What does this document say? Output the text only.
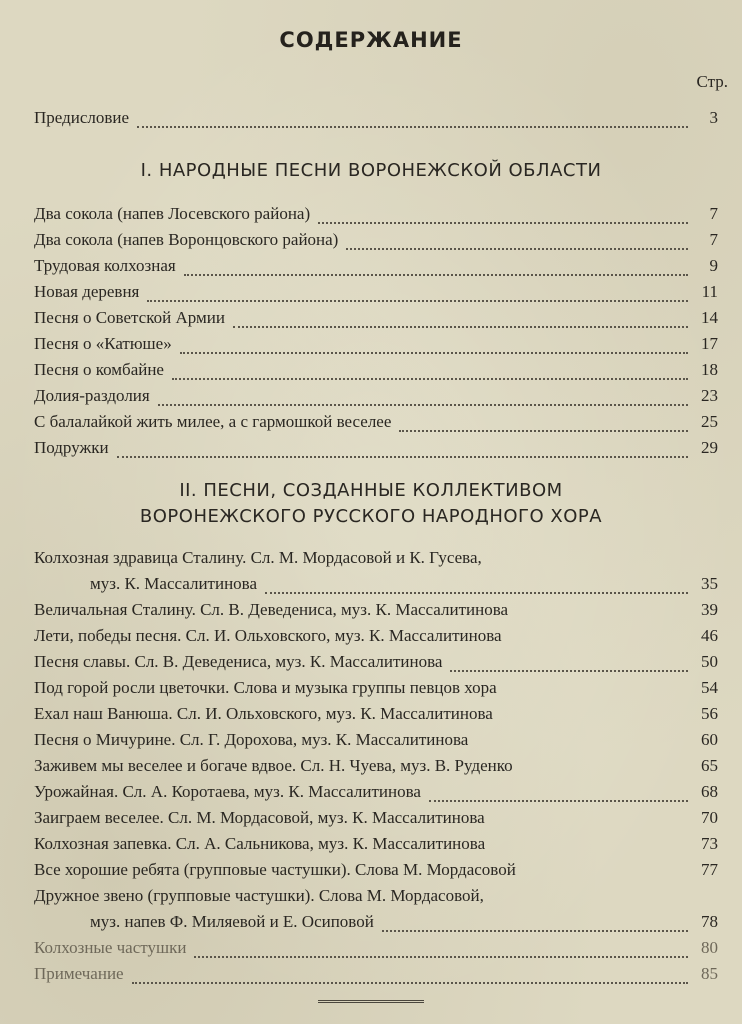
СОДЕРЖАНИЕ
Стр.
Предисловие	3
I. НАРОДНЫЕ ПЕСНИ ВОРОНЕЖСКОЙ ОБЛАСТИ
Два сокола (напев Лосевского района)	7
Два сокола (напев Воронцовского района)	7
Трудовая колхозная	9
Новая деревня	11
Песня о Советской Армии	14
Песня о «Катюше»	17
Песня о комбайне	18
Долия-раздолия	23
С балалайкой жить милее, а с гармошкой веселее	25
Подружки	29
II. ПЕСНИ, СОЗДАННЫЕ КОЛЛЕКТИВОМ
ВОРОНЕЖСКОГО РУССКОГО НАРОДНОГО ХОРА
Колхозная здравица Сталину. Сл. М. Мордасовой и К. Гусева,
муз. К. Массалитинова	35
Величальная Сталину. Сл. В. Деведениса, муз. К. Массалитинова	39
Лети, победы песня. Сл. И. Ольховского, муз. К. Массалитинова	46
Песня славы. Сл. В. Деведениса, муз. К. Массалитинова	50
Под горой росли цветочки. Слова и музыка группы певцов хора	54
Ехал наш Ванюша. Сл. И. Ольховского, муз. К. Массалитинова	56
Песня о Мичурине. Сл. Г. Дорохова, муз. К. Массалитинова	60
Заживем мы веселее и богаче вдвое. Сл. Н. Чуева, муз. В. Руденко	65
Урожайная. Сл. А. Коротаева, муз. К. Массалитинова	68
Заиграем веселее. Сл. М. Мордасовой, муз. К. Массалитинова	70
Колхозная запевка. Сл. А. Сальникова, муз. К. Массалитинова	73
Все хорошие ребята (групповые частушки). Слова М. Мордасовой	77
Дружное звено (групповые частушки). Слова М. Мордасовой,
муз. напев Ф. Миляевой и Е. Осиповой	78
Колхозные частушки	80
Примечание	85
